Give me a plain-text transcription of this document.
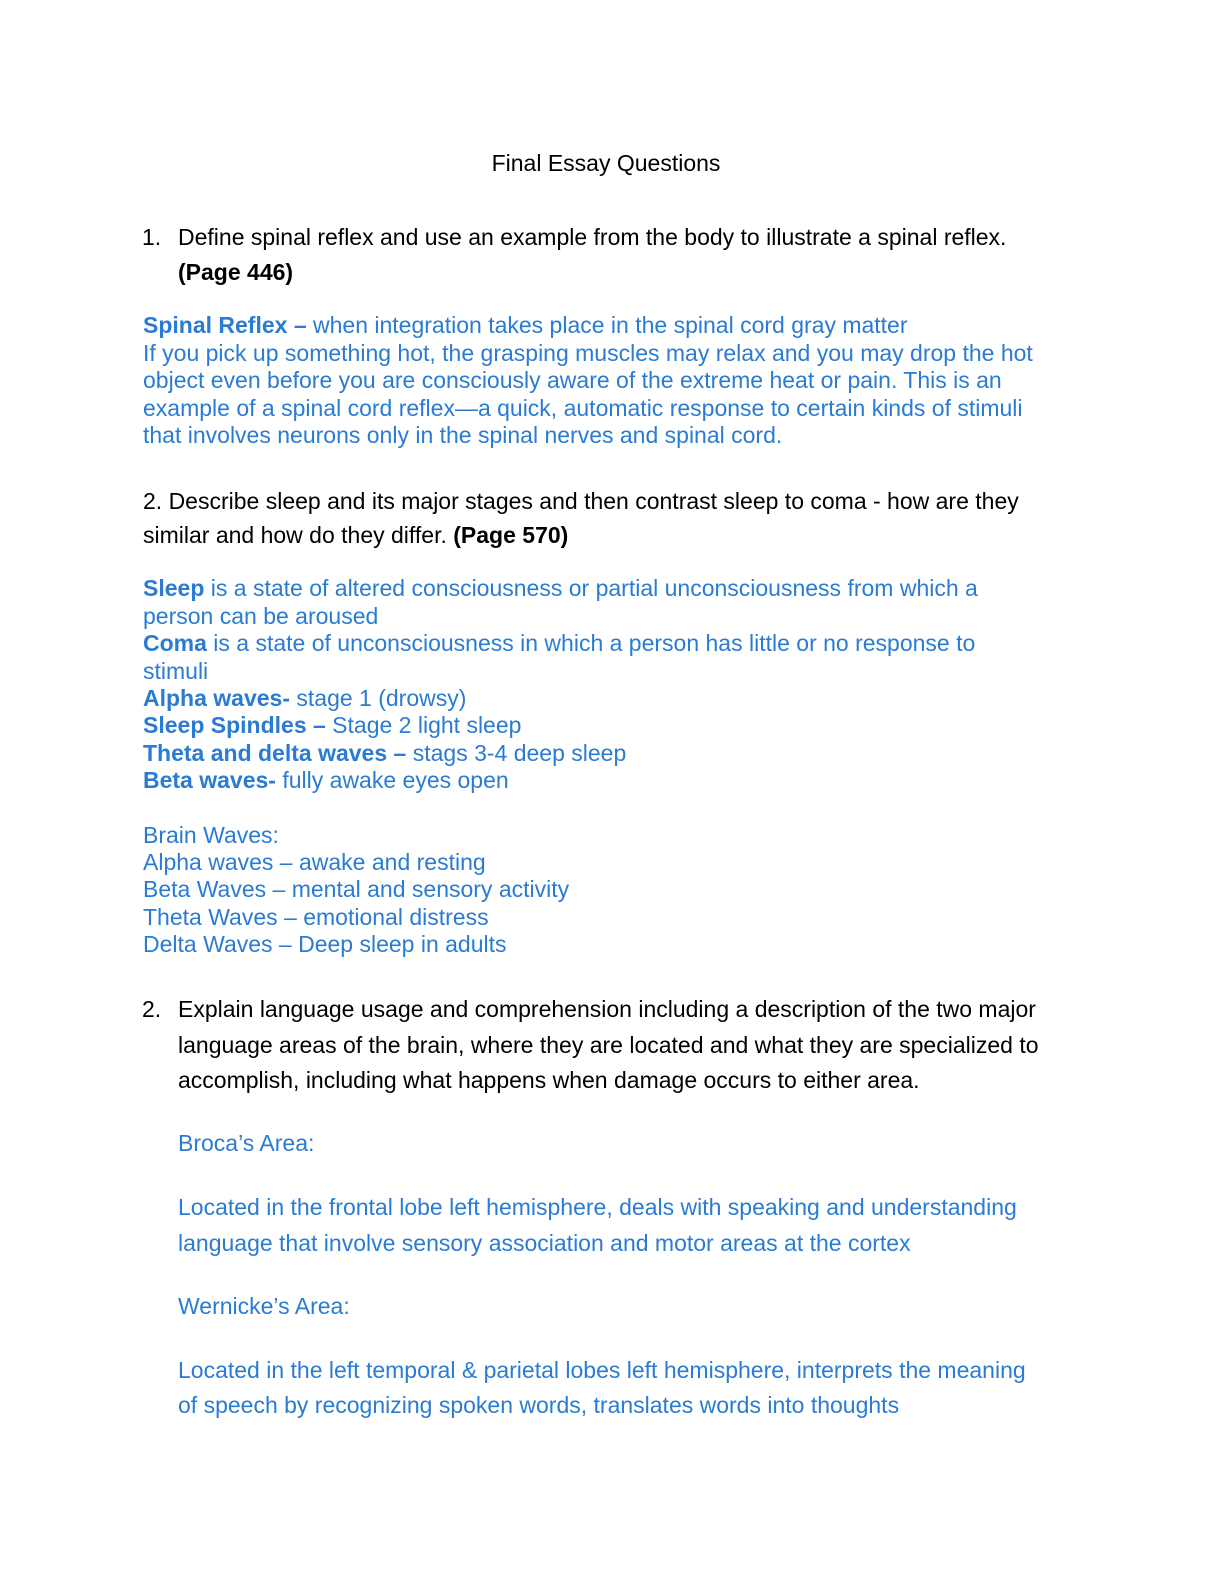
Final Essay Questions
1. Define spinal reflex and use an example from the body to illustrate a spinal reflex.
(Page 446)
Spinal Reflex – when integration takes place in the spinal cord gray matter
If you pick up something hot, the grasping muscles may relax and you may drop the hot
object even before you are consciously aware of the extreme heat or pain. This is an
example of a spinal cord reflex—a quick, automatic response to certain kinds of stimuli
that involves neurons only in the spinal nerves and spinal cord.
2. Describe sleep and its major stages and then contrast sleep to coma - how are they
similar and how do they differ. (Page 570)
Sleep is a state of altered consciousness or partial unconsciousness from which a
person can be aroused
Coma is a state of unconsciousness in which a person has little or no response to
stimuli
Alpha waves- stage 1 (drowsy)
Sleep Spindles – Stage 2 light sleep
Theta and delta waves – stags 3-4 deep sleep
Beta waves- fully awake eyes open
Brain Waves:
Alpha waves – awake and resting
Beta Waves – mental and sensory activity
Theta Waves – emotional distress
Delta Waves – Deep sleep in adults
2. Explain language usage and comprehension including a description of the two major
language areas of the brain, where they are located and what they are specialized to
accomplish, including what happens when damage occurs to either area.
Broca’s Area:
Located in the frontal lobe left hemisphere, deals with speaking and understanding
language that involve sensory association and motor areas at the cortex
Wernicke’s Area:
Located in the left temporal & parietal lobes left hemisphere, interprets the meaning
of speech by recognizing spoken words, translates words into thoughts
